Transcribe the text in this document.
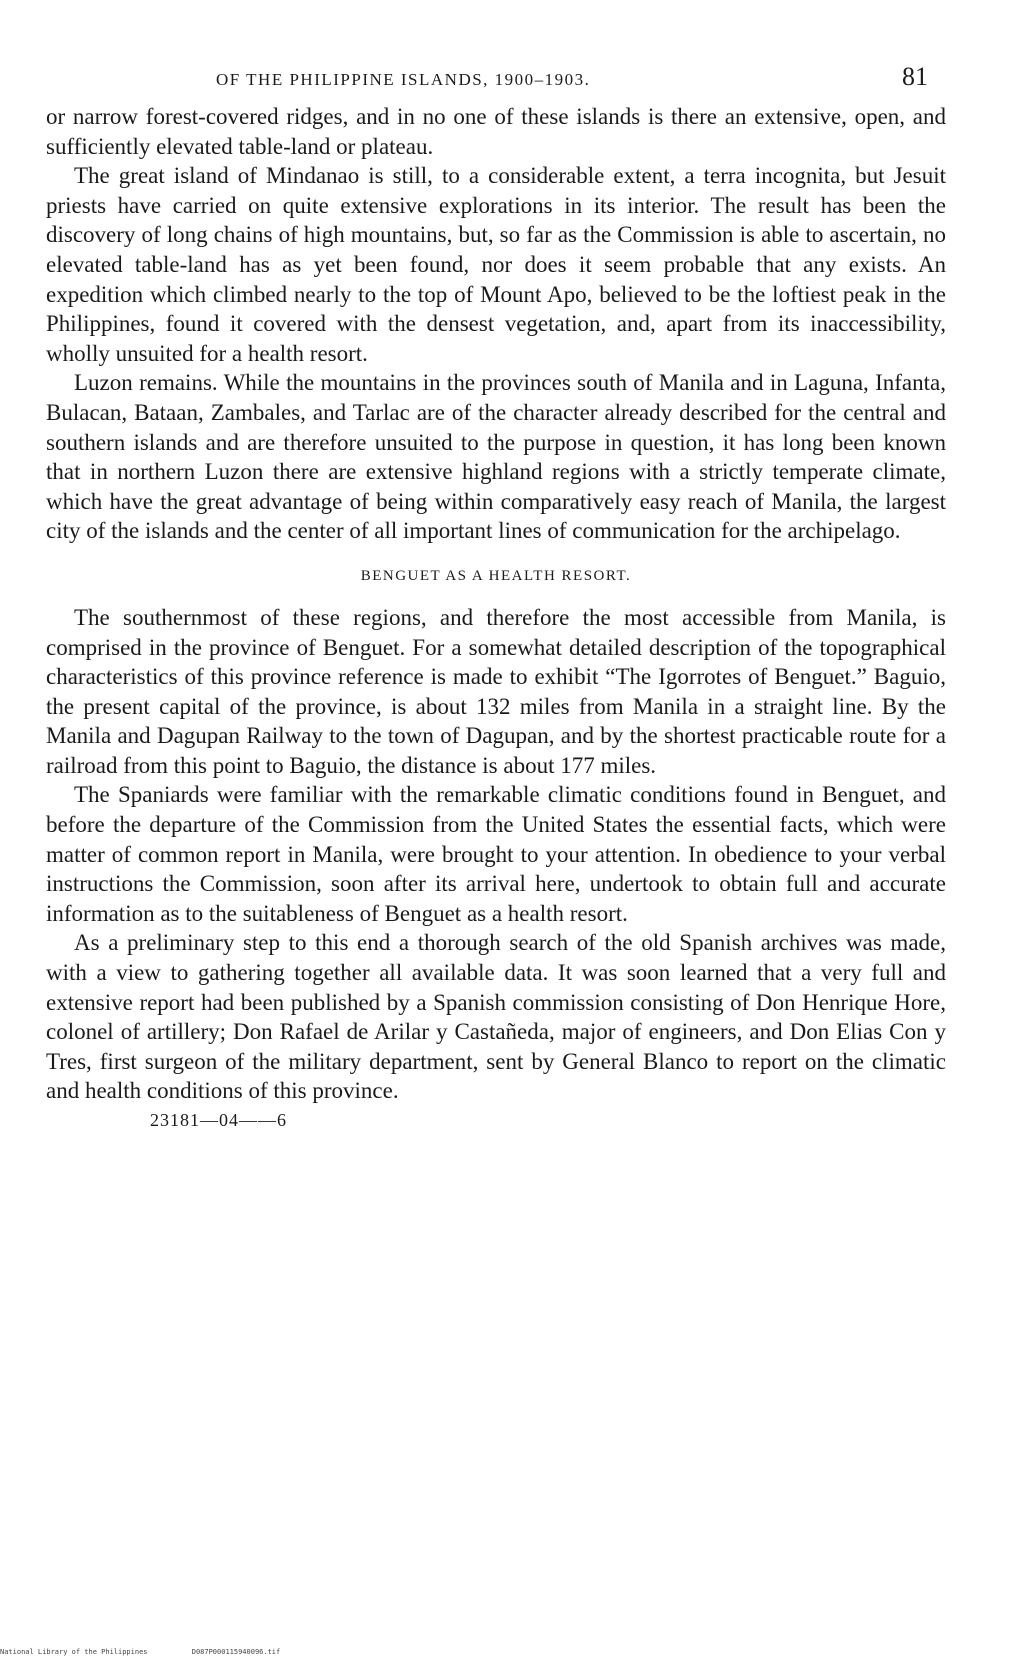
OF THE PHILIPPINE ISLANDS, 1900–1903.	81

or narrow forest-covered ridges, and in no one of these islands is there an extensive, open, and sufficiently elevated table-land or plateau.

The great island of Mindanao is still, to a considerable extent, a terra incognita, but Jesuit priests have carried on quite extensive explorations in its interior. The result has been the discovery of long chains of high mountains, but, so far as the Commission is able to ascertain, no elevated table-land has as yet been found, nor does it seem probable that any exists. An expedition which climbed nearly to the top of Mount Apo, believed to be the loftiest peak in the Philippines, found it covered with the densest vegetation, and, apart from its inaccessibility, wholly unsuited for a health resort.

Luzon remains. While the mountains in the provinces south of Manila and in Laguna, Infanta, Bulacan, Bataan, Zambales, and Tarlac are of the character already described for the central and southern islands and are therefore unsuited to the purpose in question, it has long been known that in northern Luzon there are extensive highland regions with a strictly temperate climate, which have the great advantage of being within comparatively easy reach of Manila, the largest city of the islands and the center of all important lines of communication for the archipelago.

BENGUET AS A HEALTH RESORT.

The southernmost of these regions, and therefore the most accessible from Manila, is comprised in the province of Benguet. For a somewhat detailed description of the topographical characteristics of this province reference is made to exhibit “The Igorrotes of Benguet.” Baguio, the present capital of the province, is about 132 miles from Manila in a straight line. By the Manila and Dagupan Railway to the town of Dagupan, and by the shortest practicable route for a railroad from this point to Baguio, the distance is about 177 miles.

The Spaniards were familiar with the remarkable climatic conditions found in Benguet, and before the departure of the Commission from the United States the essential facts, which were matter of common report in Manila, were brought to your attention. In obedience to your verbal instructions the Commission, soon after its arrival here, undertook to obtain full and accurate information as to the suitableness of Benguet as a health resort.

As a preliminary step to this end a thorough search of the old Spanish archives was made, with a view to gathering together all available data. It was soon learned that a very full and extensive report had been published by a Spanish commission consisting of Don Henrique Hore, colonel of artillery; Don Rafael de Arilar y Castañeda, major of engineers, and Don Elias Con y Tres, first surgeon of the military department, sent by General Blanco to report on the climatic and health conditions of this province.

23181—04——6
National Library of the Philippines	D087P000115940096.tif
